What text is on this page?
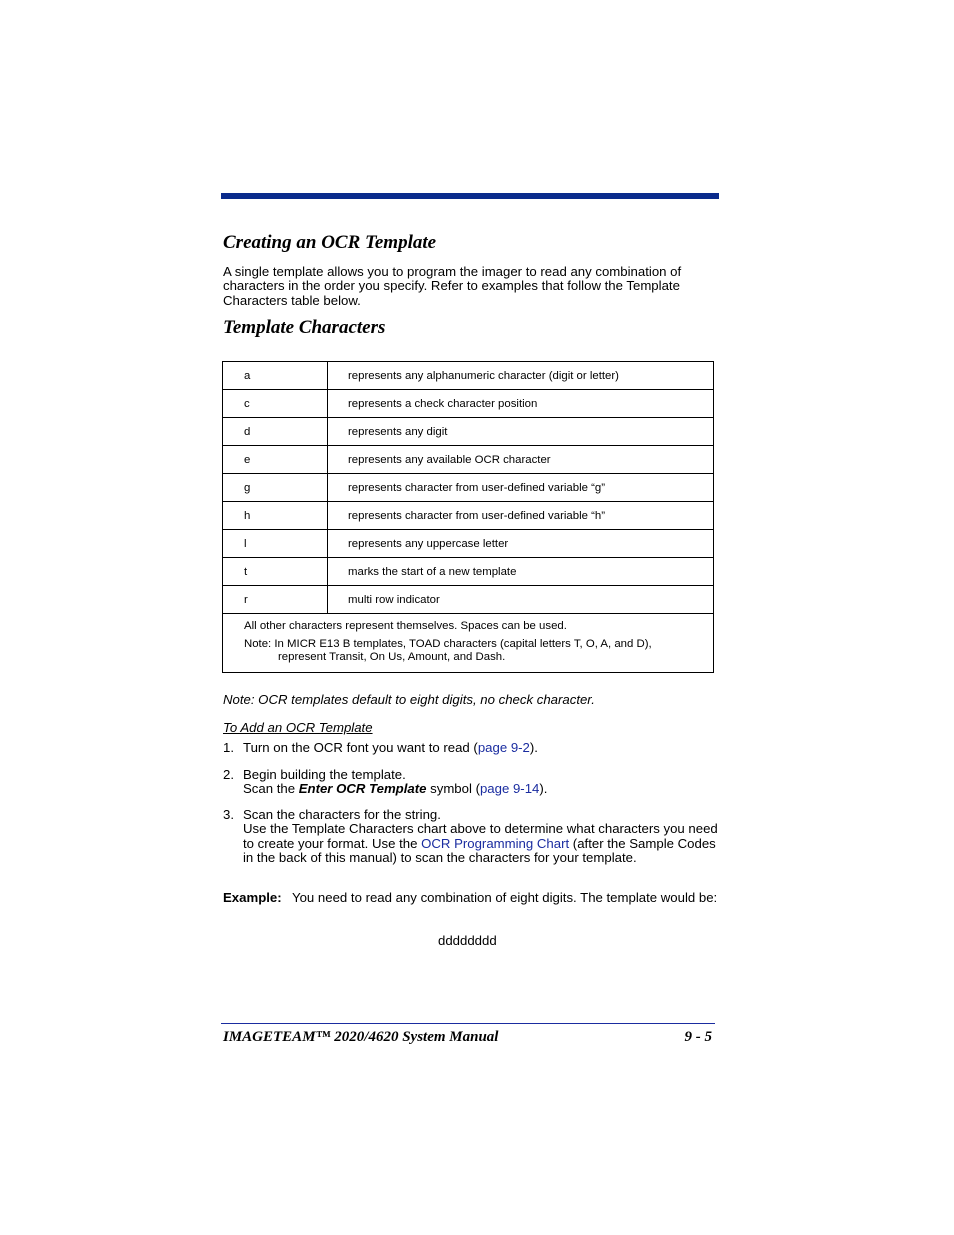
Creating an OCR Template
A single template allows you to program the imager to read any combination of characters in the order you specify. Refer to examples that follow the Template Characters table below.
Template Characters
a	represents any alphanumeric character (digit or letter)
c	represents a check character position
d	represents any digit
e	represents any available OCR character
g	represents character from user-defined variable “g”
h	represents character from user-defined variable “h”
l	represents any uppercase letter
t	marks the start of a new template
r	multi row indicator

All other characters represent themselves. Spaces can be used.
Note: In MICR E13 B templates, TOAD characters (capital letters T, O, A, and D), represent Transit, On Us, Amount, and Dash.	
Note: OCR templates default to eight digits, no check character.
To Add an OCR Template
1. Turn on the OCR font you want to read (page 9-2).
2. Begin building the template.
Scan the Enter OCR Template symbol (page 9-14).
3. Scan the characters for the string.
Use the Template Characters chart above to determine what characters you need to create your format. Use the OCR Programming Chart (after the Sample Codes in the back of this manual) to scan the characters for your template.
Example: You need to read any combination of eight digits. The template would be:
dddddddd
IMAGETEAM™ 2020/4620 System Manual	9 - 5
